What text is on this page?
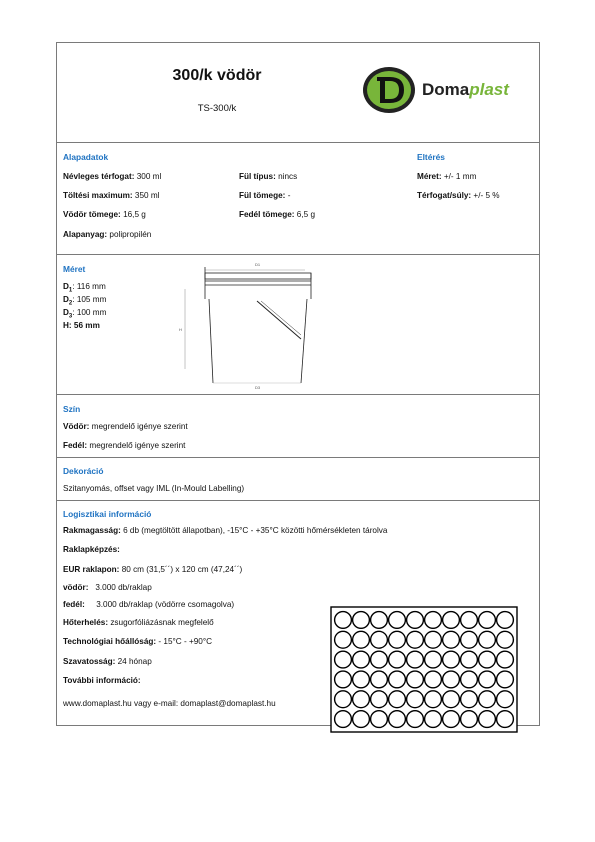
300/k vödör
TS-300/k
Domaplast
Alapadatok
Névleges térfogat: 300 ml
Töltési maximum: 350 ml
Vödör tömege: 16,5 g
Alapanyag: polipropilén
Fül típus: nincs
Fül tömege: -
Fedél tömege: 6,5 g
Eltérés
Méret: +/- 1 mm
Térfogat/súly: +/- 5 %
Méret
$D_1$: 116 mm
$D_2$: 105 mm
$D_3$: 100 mm
H: 56 mm
D1
D3
H
Szín
Vödör: megrendelő igénye szerint
Fedél: megrendelő igénye szerint
Dekoráció
Szitanyomás, offset vagy IML (In-Mould Labelling)
Logisztikai információ
Rakmagasság: 6 db (megtöltött állapotban), -15°C - +35°C közötti hőmérsékleten tárolva
Raklapképzés:
EUR raklapon: 80 cm (31,5´´) x 120 cm (47,24´´)
vödör: 3.000 db/raklap
fedél: 3.000 db/raklap (vödörre csomagolva)
Hőterhelés: zsugorfóliázásnak megfelelő
Technológiai hőállóság: - 15°C - +90°C
Szavatosság: 24 hónap
További információ:
www.domaplast.hu vagy e-mail: domaplast@domaplast.hu
